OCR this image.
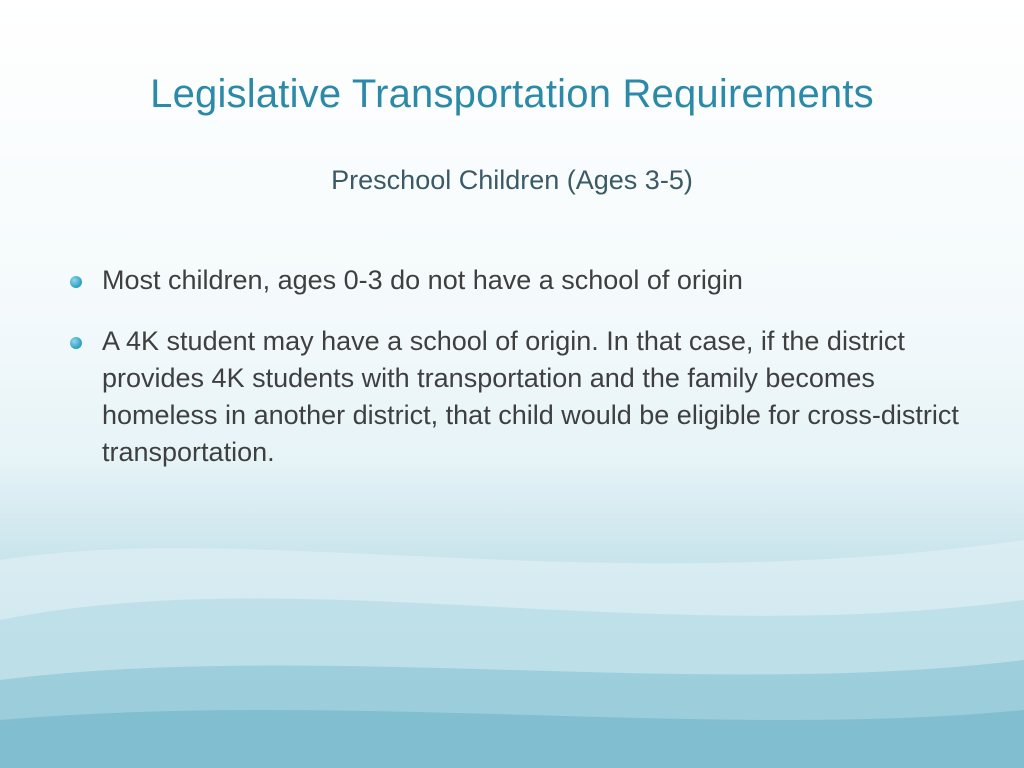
Legislative Transportation Requirements
Preschool Children (Ages 3-5)
Most children, ages 0-3 do not have a school of origin
A 4K student may have a school of origin. In that case, if the district provides 4K students with transportation and the family becomes homeless in another district, that child would be eligible for cross-district transportation.
